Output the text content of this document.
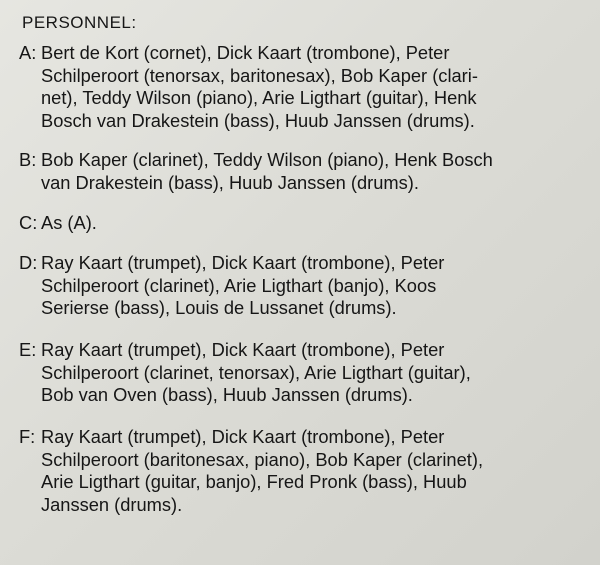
PERSONNEL:
A: Bert de Kort (cornet), Dick Kaart (trombone), Peter
Schilperoort (tenorsax, baritonesax), Bob Kaper (clari-
net), Teddy Wilson (piano), Arie Ligthart (guitar), Henk
Bosch van Drakestein (bass), Huub Janssen (drums).
B: Bob Kaper (clarinet), Teddy Wilson (piano), Henk Bosch
van Drakestein (bass), Huub Janssen (drums).
C: As (A).
D: Ray Kaart (trumpet), Dick Kaart (trombone), Peter
Schilperoort (clarinet), Arie Ligthart (banjo), Koos
Serierse (bass), Louis de Lussanet (drums).
E: Ray Kaart (trumpet), Dick Kaart (trombone), Peter
Schilperoort (clarinet, tenorsax), Arie Ligthart (guitar),
Bob van Oven (bass), Huub Janssen (drums).
F: Ray Kaart (trumpet), Dick Kaart (trombone), Peter
Schilperoort (baritonesax, piano), Bob Kaper (clarinet),
Arie Ligthart (guitar, banjo), Fred Pronk (bass), Huub
Janssen (drums).
